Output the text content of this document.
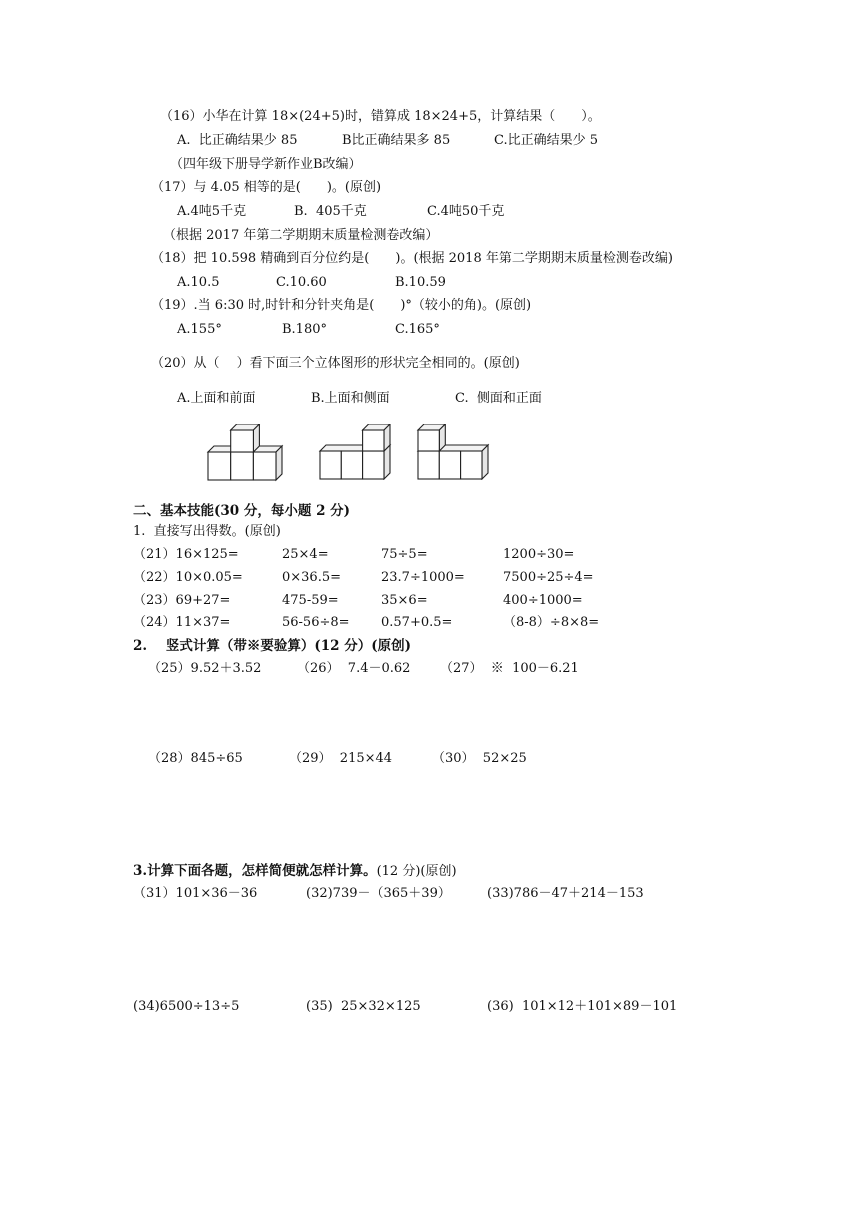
（16）小华在计算 18×(24+5)时，错算成 18×24+5，计算结果（　　）。
A.  比正确结果少 85	B比正确结果多 85	C.比正确结果少 5
（四年级下册导学新作业B改编）
（17）与 4.05 相等的是(　　)。(原创)
A.4吨5千克	B.  405千克	C.4吨50千克
（根据 2017 年第二学期期末质量检测卷改编）
（18）把 10.598 精确到百分位约是(　　)。(根据 2018 年第二学期期末质量检测卷改编)
A.10.5	C.10.60	B.10.59
（19）.当 6:30 时,时针和分针夹角是(　　)°（较小的角)。(原创)
A.155°	B.180°	C.165°
（20）从（　 ）看下面三个立体图形的形状完全相同的。(原创)
A.上面和前面	B.上面和侧面	C.  侧面和正面
二、基本技能(30 分，每小题 2 分)
1.  直接写出得数。(原创)
（21）16×125=	25×4=	75÷5=	1200÷30=
（22）10×0.05=	0×36.5=	23.7÷1000=	7500÷25÷4=
（23）69+27=	475-59=	35×6=	400÷1000=
（24）11×37=	56-56÷8= 0.57+0.5=	（8-8）÷8×8=
2.    竖式计算（带※要验算）(12 分）(原创)
（25）9.52＋3.52	（26）  7.4－0.62 （27）  ※  100－6.21
（28）845÷65	（29）  215×44	（30）  52×25
3.计算下面各题，怎样简便就怎样计算。(12 分)(原创)
（31）101×36－36	(32)739－（365＋39）	(33)786－47＋214－153
(34)6500÷13÷5	(35)  25×32×125	(36)  101×12＋101×89－101
